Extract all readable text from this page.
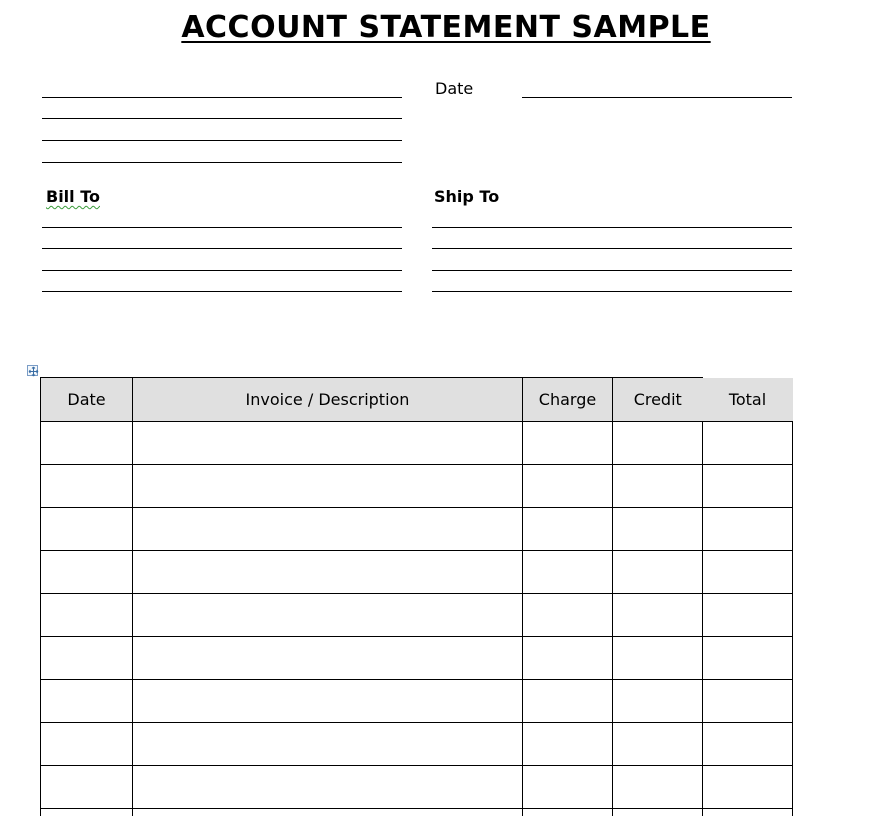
ACCOUNT STATEMENT SAMPLE
Date
Bill To	Ship To
Date	Invoice / Description	Charge	Credit	Total
